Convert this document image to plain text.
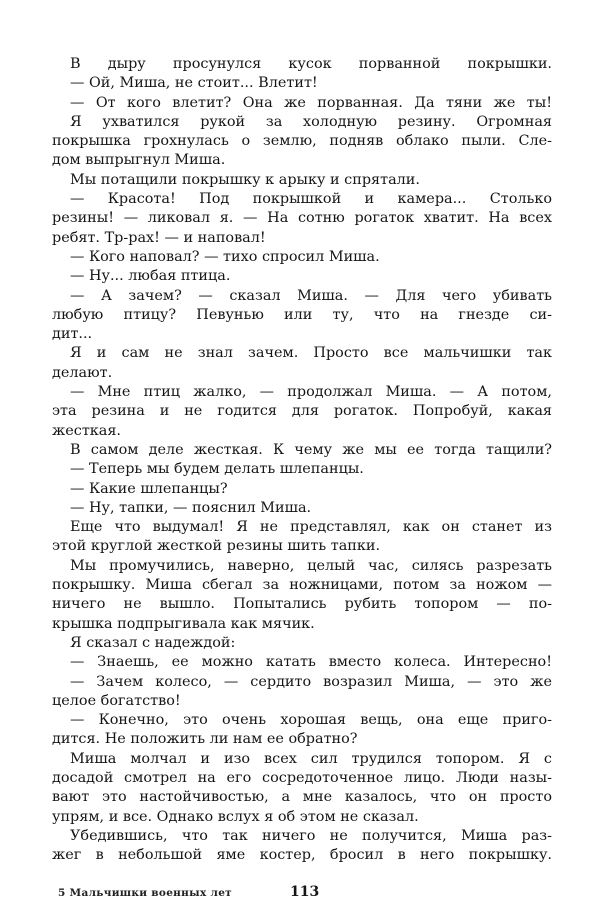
В дыру просунулся кусок порванной покрышки.
— Ой, Миша, не стоит... Влетит!
— От кого влетит? Она же порванная. Да тяни же ты!
Я ухватился рукой за холодную резину. Огромная
покрышка грохнулась о землю, подняв облако пыли. Сле-
дом выпрыгнул Миша.
Мы потащили покрышку к арыку и спрятали.
— Красота! Под покрышкой и камера... Столько
резины! — ликовал я. — На сотню рогаток хватит. На всех
ребят. Тр-рах! — и наповал!
— Кого наповал? — тихо спросил Миша.
— Ну... любая птица.
— А зачем? — сказал Миша. — Для чего убивать
любую птицу? Певунью или ту, что на гнезде си-
дит...
Я и сам не знал зачем. Просто все мальчишки так
делают.
— Мне птиц жалко, — продолжал Миша. — А потом,
эта резина и не годится для рогаток. Попробуй, какая
жесткая.
В самом деле жесткая. К чему же мы ее тогда тащили?
— Теперь мы будем делать шлепанцы.
— Какие шлепанцы?
— Ну, тапки, — пояснил Миша.
Еще что выдумал! Я не представлял, как он станет из
этой круглой жесткой резины шить тапки.
Мы промучились, наверно, целый час, силясь разрезать
покрышку. Миша сбегал за ножницами, потом за ножом —
ничего не вышло. Попытались рубить топором — по-
крышка подпрыгивала как мячик.
Я сказал с надеждой:
— Знаешь, ее можно катать вместо колеса. Интересно!
— Зачем колесо, — сердито возразил Миша, — это же
целое богатство!
— Конечно, это очень хорошая вещь, она еще приго-
дится. Не положить ли нам ее обратно?
Миша молчал и изо всех сил трудился топором. Я с
досадой смотрел на его сосредоточенное лицо. Люди назы-
вают это настойчивостью, а мне казалось, что он просто
упрям, и все. Однако вслух я об этом не сказал.
Убедившись, что так ничего не получится, Миша раз-
жег в небольшой яме костер, бросил в него покрышку.
5 Мальчишки военных лет	113
